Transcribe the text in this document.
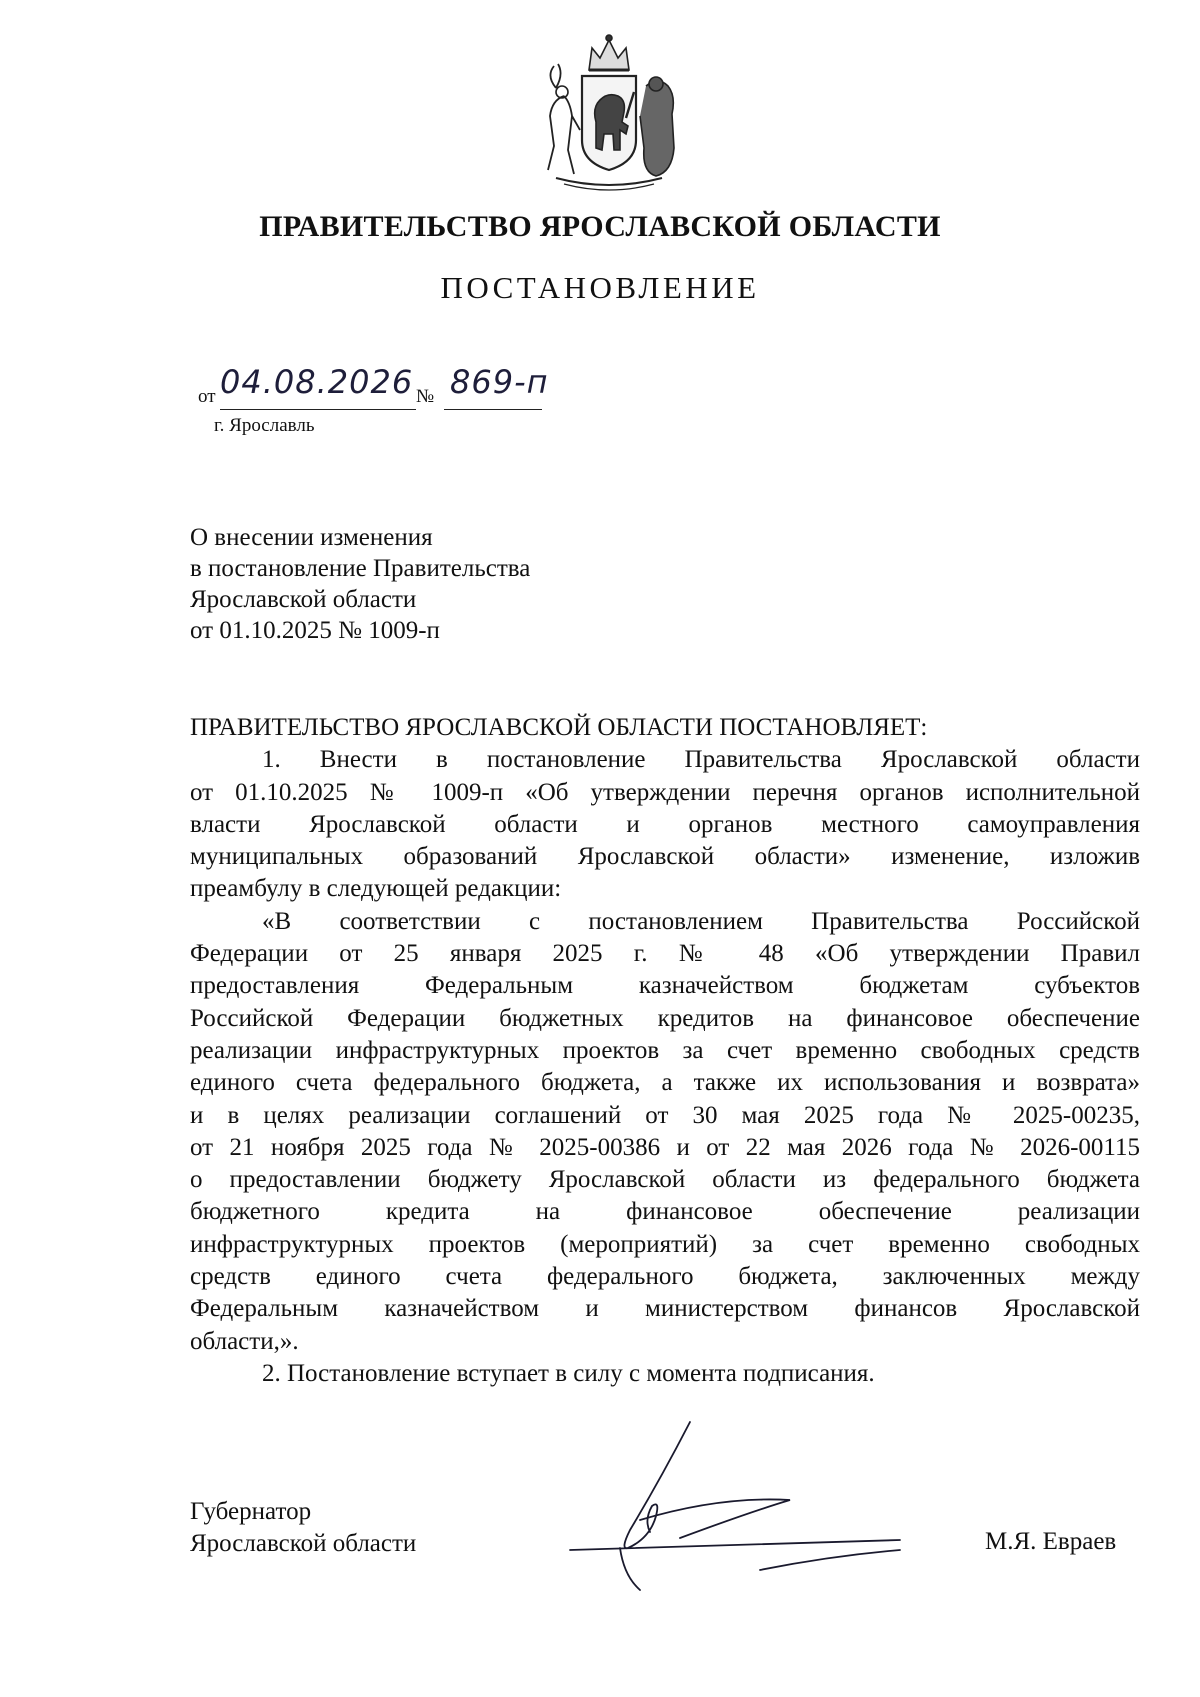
ПРАВИТЕЛЬСТВО ЯРОСЛАВСКОЙ ОБЛАСТИ
ПОСТАНОВЛЕНИЕ
от 04.08.2026 № 869-п
г. Ярославль
О внесении изменения
в постановление Правительства
Ярославской области
от 01.10.2025 № 1009-п
ПРАВИТЕЛЬСТВО ЯРОСЛАВСКОЙ ОБЛАСТИ ПОСТАНОВЛЯЕТ:
1. Внести в постановление Правительства Ярославской области
от 01.10.2025 № 1009-п «Об утверждении перечня органов исполнительной
власти Ярославской области и органов местного самоуправления
муниципальных образований Ярославской области» изменение, изложив
преамбулу в следующей редакции:
«В соответствии с постановлением Правительства Российской
Федерации от 25 января 2025 г. № 48 «Об утверждении Правил
предоставления Федеральным казначейством бюджетам субъектов
Российской Федерации бюджетных кредитов на финансовое обеспечение
реализации инфраструктурных проектов за счет временно свободных средств
единого счета федерального бюджета, а также их использования и возврата»
и в целях реализации соглашений от 30 мая 2025 года № 2025-00235,
от 21 ноября 2025 года № 2025-00386 и от 22 мая 2026 года № 2026-00115
о предоставлении бюджету Ярославской области из федерального бюджета
бюджетного кредита на финансовое обеспечение реализации
инфраструктурных проектов (мероприятий) за счет временно свободных
средств единого счета федерального бюджета, заключенных между
Федеральным казначейством и министерством финансов Ярославской
области,».
2. Постановление вступает в силу с момента подписания.
Губернатор
Ярославской области	М.Я. Евраев
